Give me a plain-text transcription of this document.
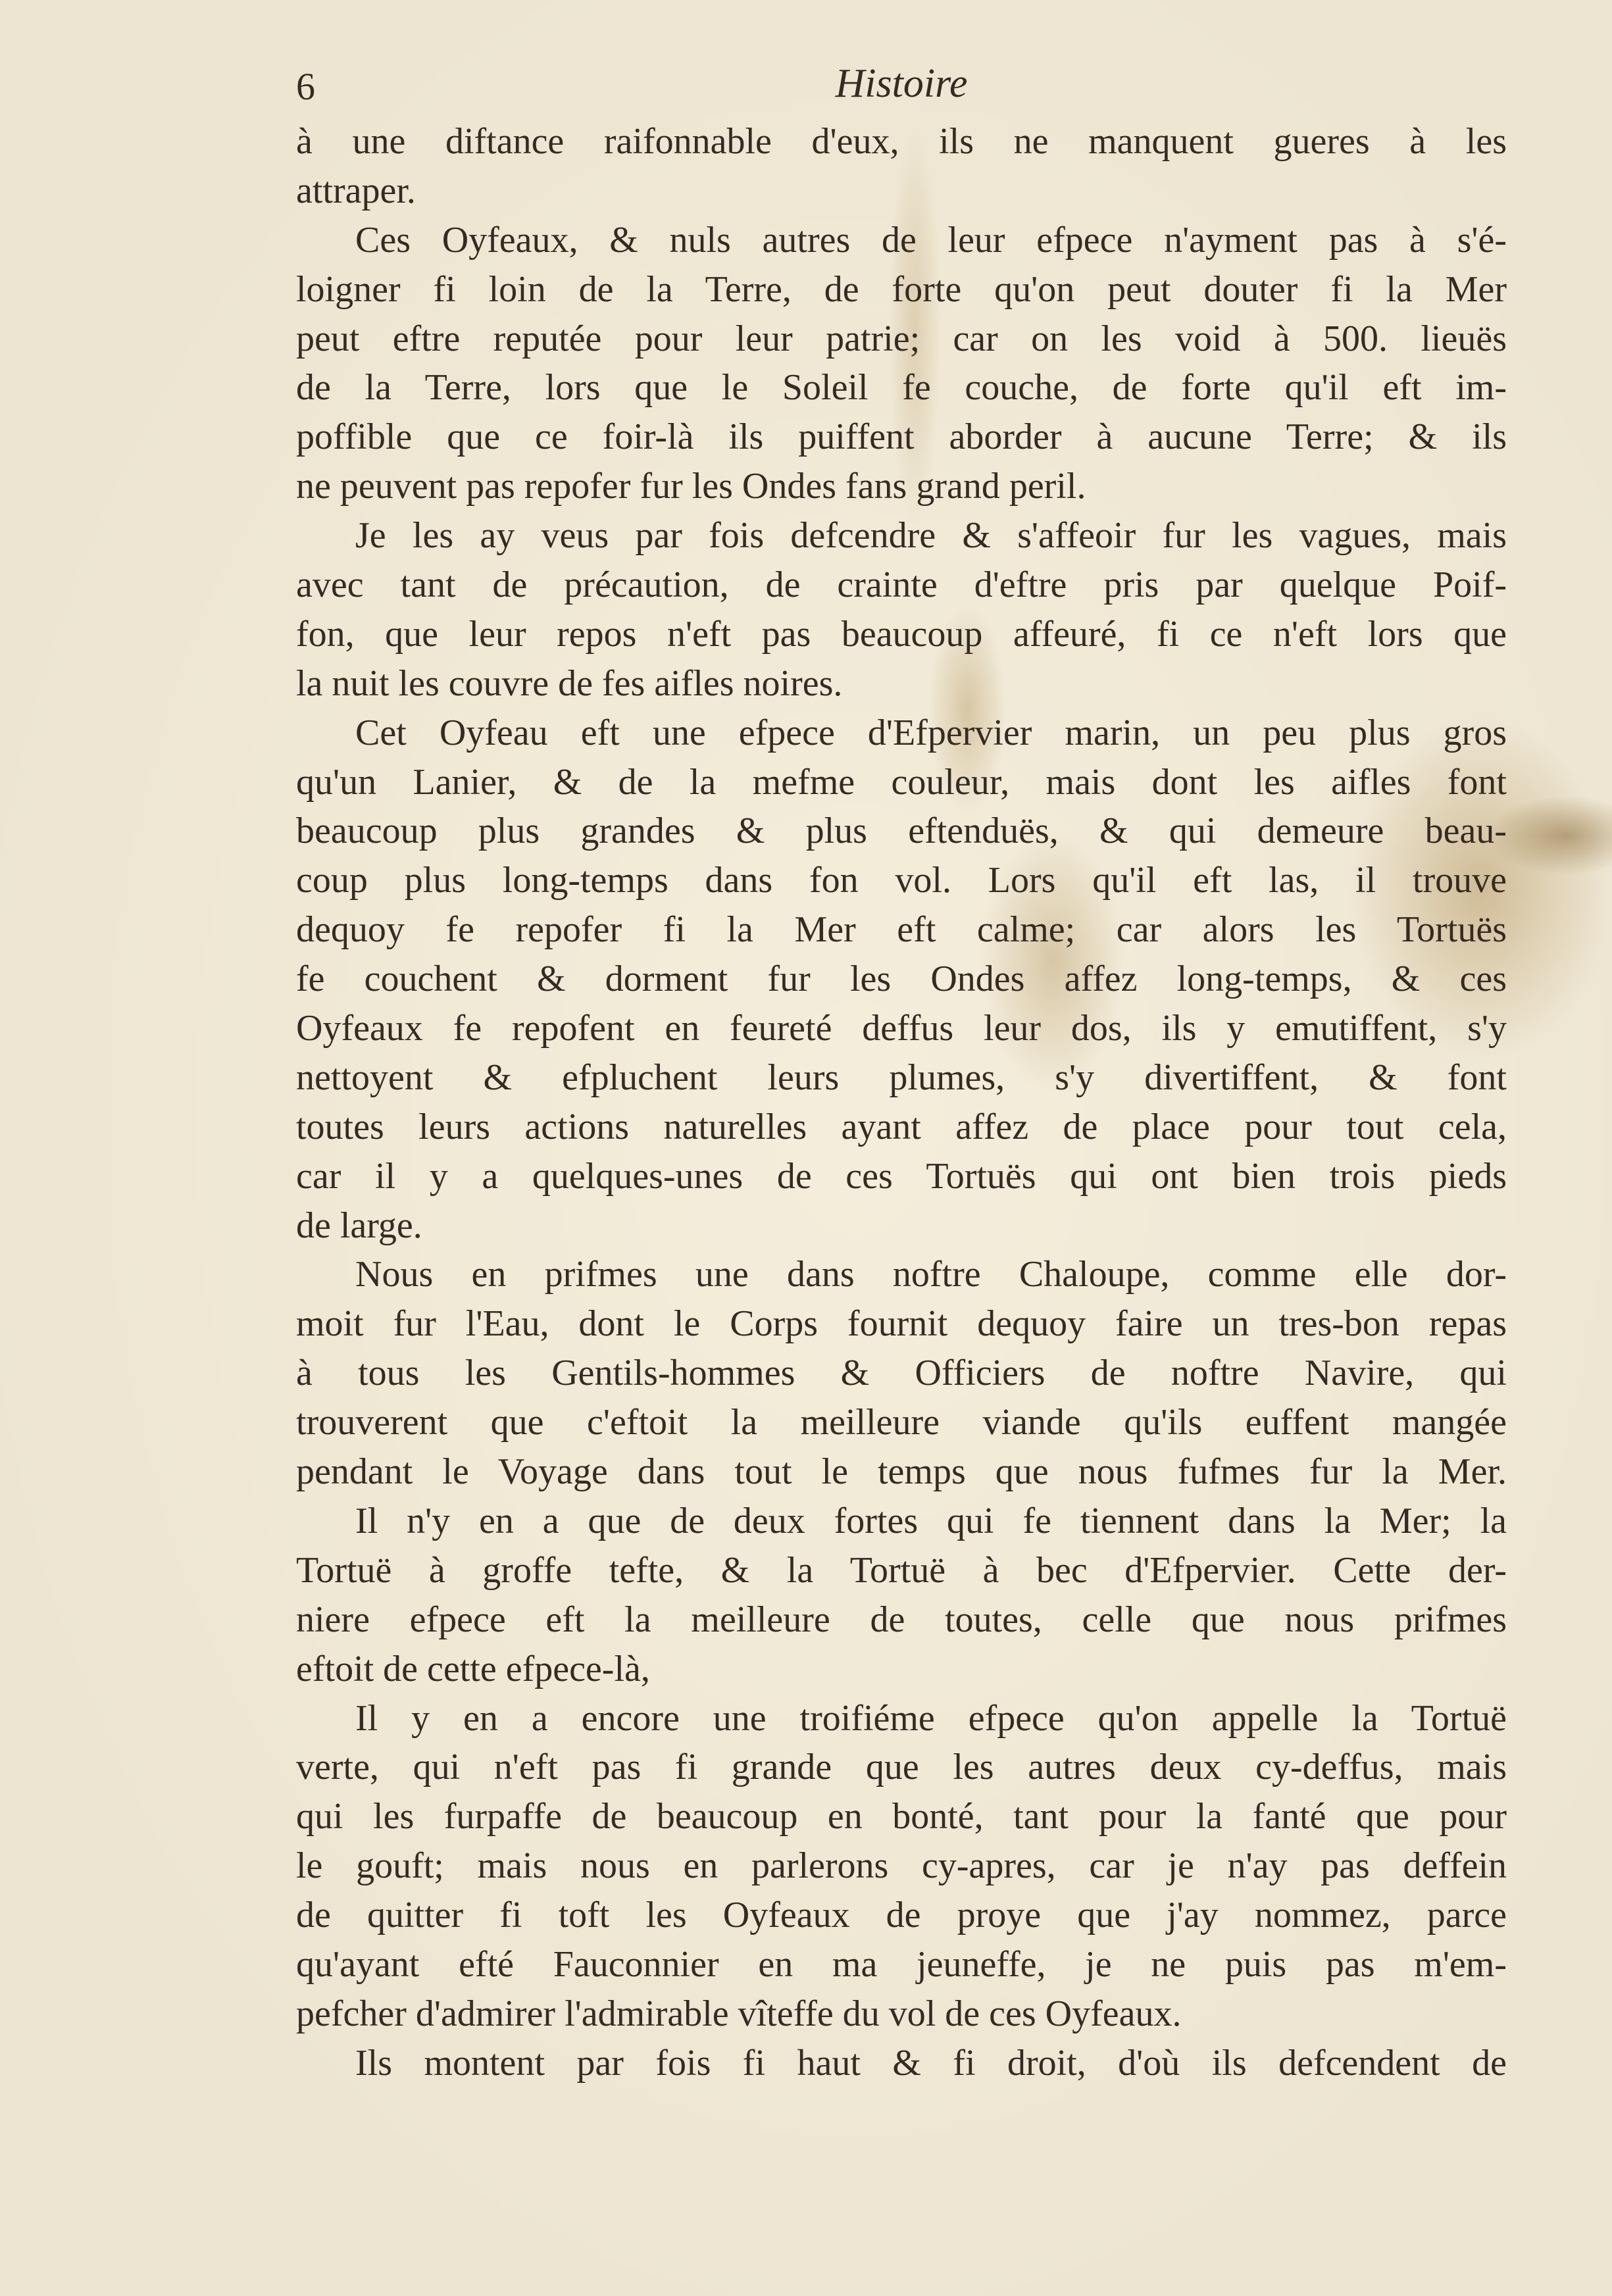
6	Histoire
à une diftance raifonnable d'eux, ils ne manquent gueres à les
attraper.
Ces Oyfeaux, & nuls autres de leur efpece n'ayment pas à s'é-
loigner fi loin de la Terre, de forte qu'on peut douter fi la Mer
peut eftre reputée pour leur patrie; car on les void à 500. lieuës
de la Terre, lors que le Soleil fe couche, de forte qu'il eft im-
poffible que ce foir-là ils puiffent aborder à aucune Terre; & ils
ne peuvent pas repofer fur les Ondes fans grand peril.
Je les ay veus par fois defcendre & s'affeoir fur les vagues, mais
avec tant de précaution, de crainte d'eftre pris par quelque Poif-
fon, que leur repos n'eft pas beaucoup affeuré, fi ce n'eft lors que
la nuit les couvre de fes aifles noires.
Cet Oyfeau eft une efpece d'Efpervier marin, un peu plus gros
qu'un Lanier, & de la mefme couleur, mais dont les aifles font
beaucoup plus grandes & plus eftenduës, & qui demeure beau-
coup plus long-temps dans fon vol. Lors qu'il eft las, il trouve
dequoy fe repofer fi la Mer eft calme; car alors les Tortuës
fe couchent & dorment fur les Ondes affez long-temps, & ces
Oyfeaux fe repofent en feureté deffus leur dos, ils y emutiffent, s'y
nettoyent & efpluchent leurs plumes, s'y divertiffent, & font
toutes leurs actions naturelles ayant affez de place pour tout cela,
car il y a quelques-unes de ces Tortuës qui ont bien trois pieds
de large.
Nous en prifmes une dans noftre Chaloupe, comme elle dor-
moit fur l'Eau, dont le Corps fournit dequoy faire un tres-bon repas
à tous les Gentils-hommes & Officiers de noftre Navire, qui
trouverent que c'eftoit la meilleure viande qu'ils euffent mangée
pendant le Voyage dans tout le temps que nous fufmes fur la Mer.
Il n'y en a que de deux fortes qui fe tiennent dans la Mer; la
Tortuë à groffe tefte, & la Tortuë à bec d'Efpervier. Cette der-
niere efpece eft la meilleure de toutes, celle que nous prifmes
eftoit de cette efpece-là,
Il y en a encore une troifiéme efpece qu'on appelle la Tortuë
verte, qui n'eft pas fi grande que les autres deux cy-deffus, mais
qui les furpaffe de beaucoup en bonté, tant pour la fanté que pour
le gouft; mais nous en parlerons cy-apres, car je n'ay pas deffein
de quitter fi toft les Oyfeaux de proye que j'ay nommez, parce
qu'ayant efté Fauconnier en ma jeuneffe, je ne puis pas m'em-
pefcher d'admirer l'admirable vîteffe du vol de ces Oyfeaux.
Ils montent par fois fi haut & fi droit, d'où ils defcendent de
